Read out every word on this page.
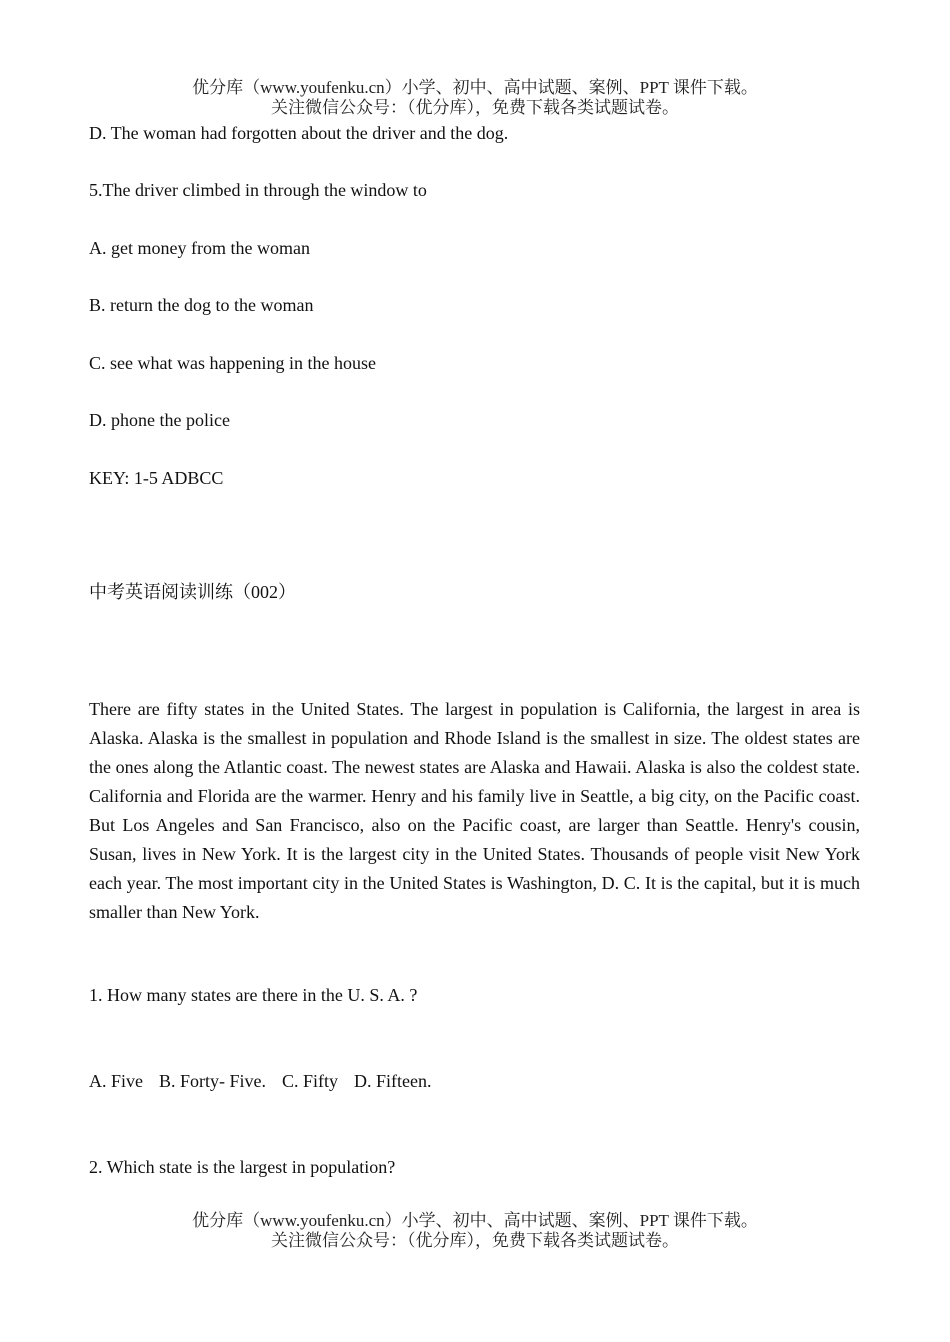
优分库（www.youfenku.cn）小学、初中、高中试题、案例、PPT 课件下载。
关注微信公众号：（优分库），免费下载各类试题试卷。

D. The woman had forgotten about the driver and the dog.

5.The driver climbed in through the window to

A. get money from the woman

B. return the dog to the woman

C. see what was happening in the house

D. phone the police

KEY: 1-5 ADBCC

中考英语阅读训练（002）

There are fifty states in the United States. The largest in population is California, the largest in area is Alaska. Alaska is the smallest in population and Rhode Island is the smallest in size. The oldest states are the ones along the Atlantic coast. The newest states are Alaska and Hawaii. Alaska is also the coldest state. California and Florida are the warmer. Henry and his family live in Seattle, a big city, on the Pacific coast. But Los Angeles and San Francisco, also on the Pacific coast, are larger than Seattle. Henry's cousin, Susan, lives in New York. It is the largest city in the United States. Thousands of people visit New York each year. The most important city in the United States is Washington, D. C. It is the capital, but it is much smaller than New York.

1. How many states are there in the U. S. A. ?

A. Five B. Forty- Five. C. Fifty D. Fifteen.

2. Which state is the largest in population?

优分库（www.youfenku.cn）小学、初中、高中试题、案例、PPT 课件下载。
关注微信公众号：（优分库），免费下载各类试题试卷。
